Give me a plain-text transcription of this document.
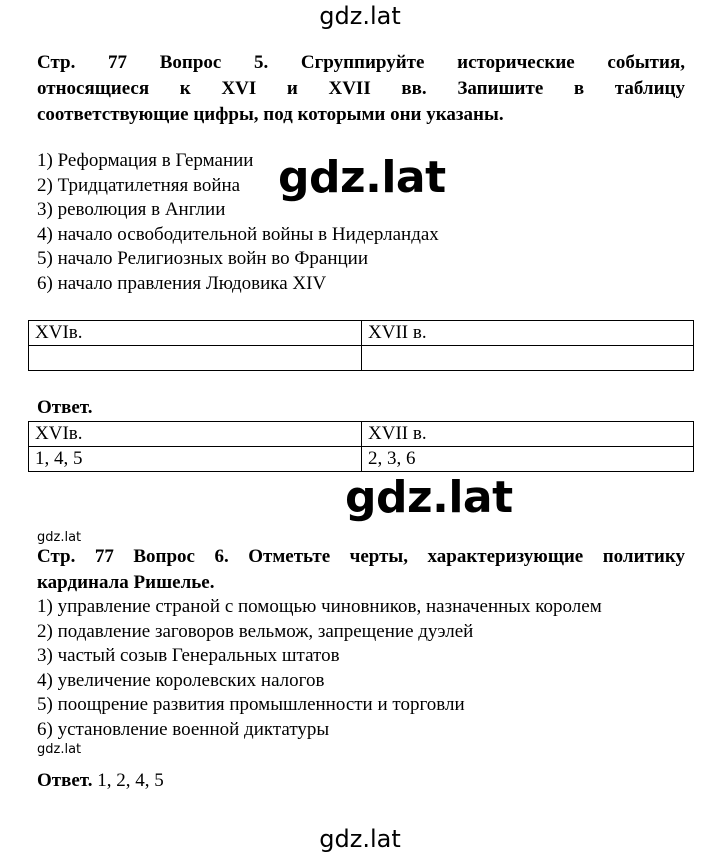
gdz.lat
Стр. 77 Вопрос 5. Сгруппируйте исторические события,
относящиеся к XVI и XVII вв. Запишите в таблицу
соответствующие цифры, под которыми они указаны.
1) Реформация в Германии
2) Тридцатилетняя война
3) революция в Англии
4) начало освободительной войны в Нидерландах
5) начало Религиозных войн во Франции
6) начало правления Людовика XIV
gdz.lat
XVIв.	XVII в.

Ответ.
XVIв.	XVII в.
1, 4, 5	2, 3, 6
gdz.lat
gdz.lat
Стр. 77 Вопрос 6. Отметьте черты, характеризующие политику
кардинала Ришелье.
1) управление страной с помощью чиновников, назначенных королем
2) подавление заговоров вельмож, запрещение дуэлей
3) частый созыв Генеральных штатов
4) увеличение королевских налогов
5) поощрение развития промышленности и торговли
6) установление военной диктатуры
gdz.lat
Ответ. 1, 2, 4, 5
gdz.lat
